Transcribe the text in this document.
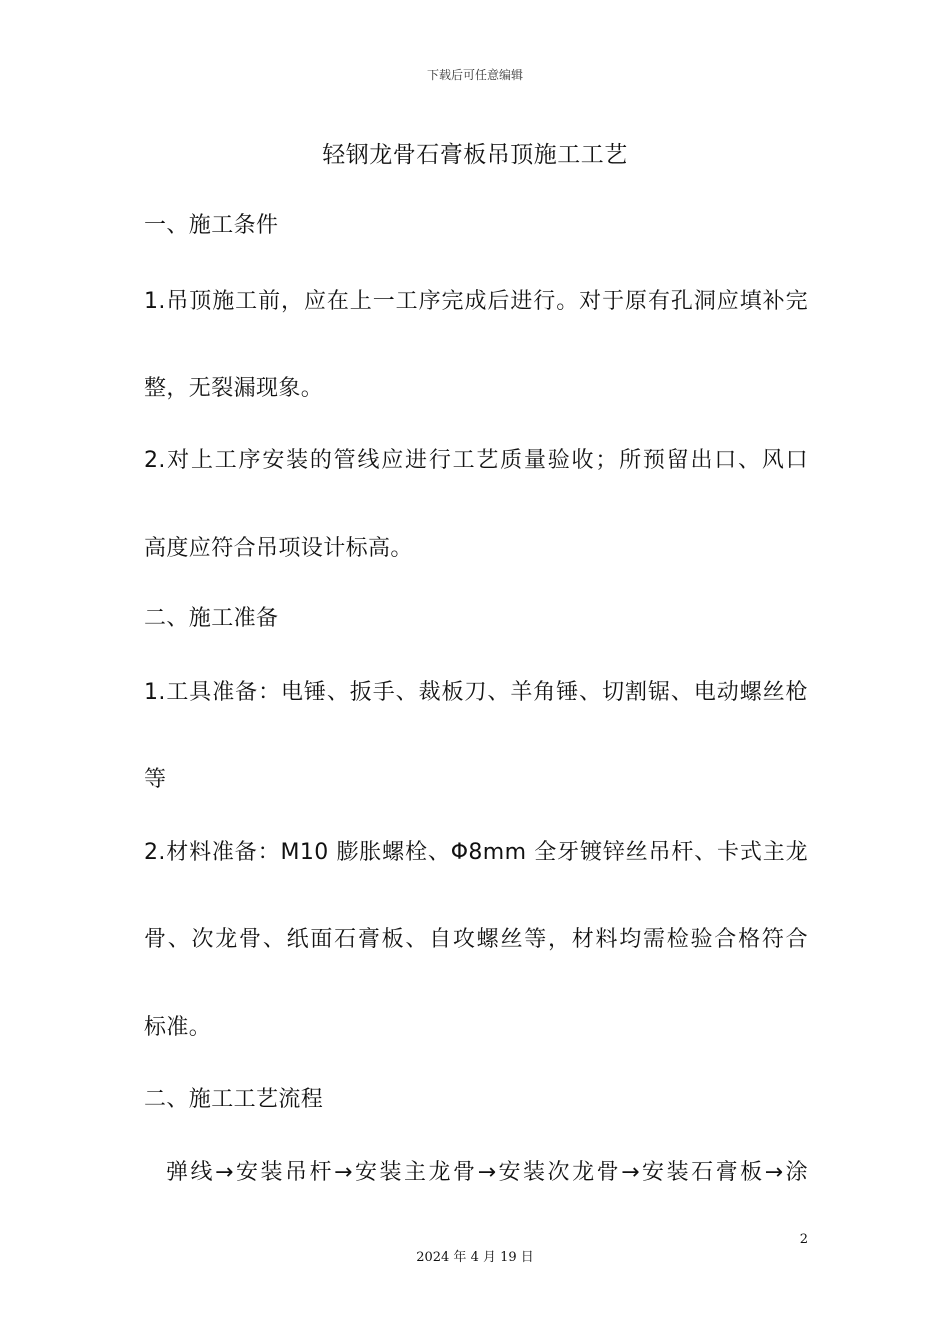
下载后可任意编辑
轻钢龙骨石膏板吊顶施工工艺
一、施工条件
1.吊顶施工前，应在上一工序完成后进行。对于原有孔洞应填补完
整，无裂漏现象。
2.对上工序安装的管线应进行工艺质量验收；所预留出口、风口
高度应符合吊项设计标高。
二、施工准备
1.工具准备：电锤、扳手、裁板刀、羊角锤、切割锯、电动螺丝枪
等
2.材料准备：M10 膨胀螺栓、Φ8mm 全牙镀锌丝吊杆、卡式主龙
骨、次龙骨、纸面石膏板、自攻螺丝等，材料均需检验合格符合
标准。
二、施工工艺流程
弹线→安装吊杆→安装主龙骨→安装次龙骨→安装石膏板→涂
2
2024 年 4 月 19 日
